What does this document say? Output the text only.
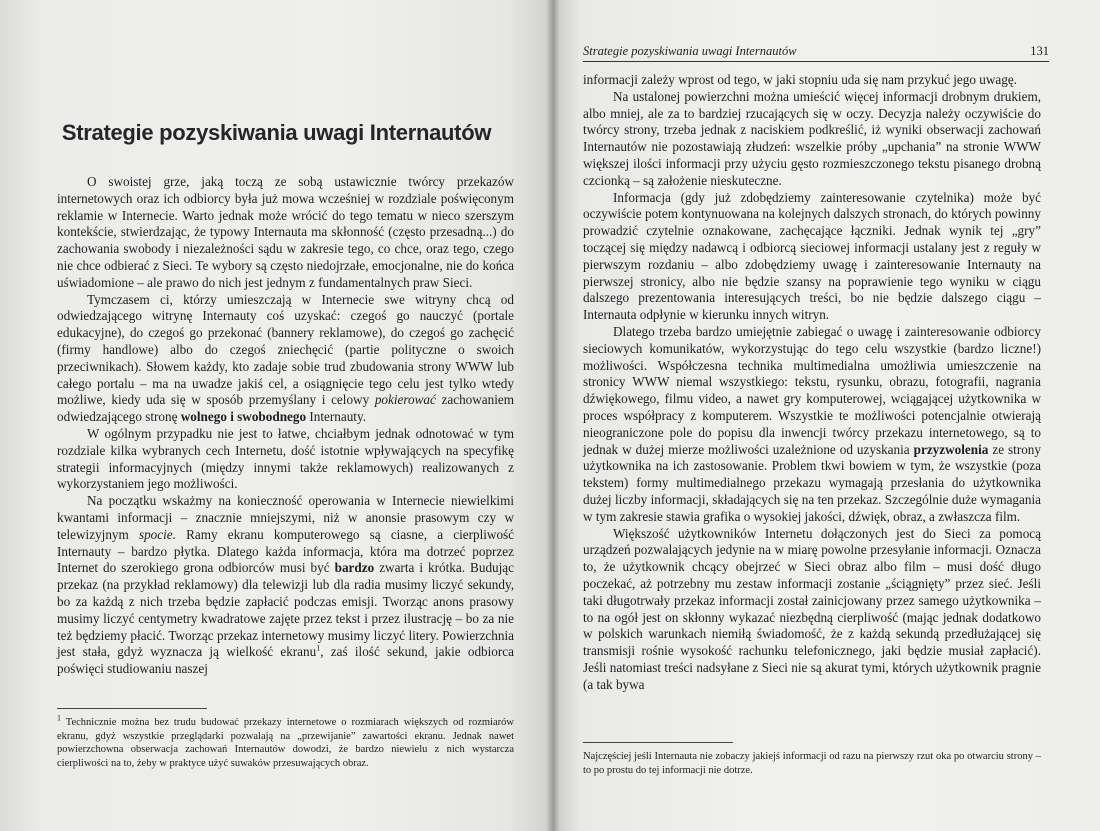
Strategie pozyskiwania uwagi Internautów

O swoistej grze, jaką toczą ze sobą ustawicznie twórcy przekazów internetowych oraz ich odbiorcy była już mowa wcześniej w rozdziale poświęconym reklamie w Internecie. Warto jednak może wrócić do tego tematu w nieco szerszym kontekście, stwierdzając, że typowy Internauta ma skłonność (często przesadną...) do zachowania swobody i niezależności sądu w zakresie tego, co chce, oraz tego, czego nie chce odbierać z Sieci. Te wybory są często niedojrzałe, emocjonalne, nie do końca uświadomione – ale prawo do nich jest jednym z fundamentalnych praw Sieci.

Tymczasem ci, którzy umieszczają w Internecie swe witryny chcą od odwiedzającego witrynę Internauty coś uzyskać: czegoś go nauczyć (portale edukacyjne), do czegoś go przekonać (bannery reklamowe), do czegoś go zachęcić (firmy handlowe) albo do czegoś zniechęcić (partie polityczne o swoich przeciwnikach). Słowem każdy, kto zadaje sobie trud zbudowania strony WWW lub całego portalu – ma na uwadze jakiś cel, a osiągnięcie tego celu jest tylko wtedy możliwe, kiedy uda się w sposób przemyślany i celowy pokierować zachowaniem odwiedzającego stronę wolnego i swobodnego Internauty.

W ogólnym przypadku nie jest to łatwe, chciałbym jednak odnotować w tym rozdziale kilka wybranych cech Internetu, dość istotnie wpływających na specyfikę strategii informacyjnych (między innymi także reklamowych) realizowanych z wykorzystaniem jego możliwości.

Na początku wskażmy na konieczność operowania w Internecie niewielkimi kwantami informacji – znacznie mniejszymi, niż w anonsie prasowym czy w telewizyjnym spocie. Ramy ekranu komputerowego są ciasne, a cierpliwość Internauty – bardzo płytka. Dlatego każda informacja, która ma dotrzeć poprzez Internet do szerokiego grona odbiorców musi być bardzo zwarta i krótka. Budując przekaz (na przykład reklamowy) dla telewizji lub dla radia musimy liczyć sekundy, bo za każdą z nich trzeba będzie zapłacić podczas emisji. Tworząc anons prasowy musimy liczyć centymetry kwadratowe zajęte przez tekst i przez ilustrację – bo za nie też będziemy płacić. Tworząc przekaz internetowy musimy liczyć litery. Powierzchnia jest stała, gdyż wyznacza ją wielkość ekranu$^1$, zaś ilość sekund, jakie odbiorca poświęci studiowaniu naszej

$^1$ Technicznie można bez trudu budować przekazy internetowe o rozmiarach większych od rozmiarów ekranu, gdyż wszystkie przeglądarki pozwalają na „przewijanie” zawartości ekranu. Jednak nawet powierzchowna obserwacja zachowań Internautów dowodzi, że bardzo niewielu z nich wystarcza cierpliwości na to, żeby w praktyce użyć suwaków przesuwających obraz.

Strategie pozyskiwania uwagi Internautów	131

informacji zależy wprost od tego, w jaki stopniu uda się nam przykuć jego uwagę.

Na ustalonej powierzchni można umieścić więcej informacji drobnym drukiem, albo mniej, ale za to bardziej rzucających się w oczy. Decyzja należy oczywiście do twórcy strony, trzeba jednak z naciskiem podkreślić, iż wyniki obserwacji zachowań Internautów nie pozostawiają złudzeń: wszelkie próby „upchania” na stronie WWW większej ilości informacji przy użyciu gęsto rozmieszczonego tekstu pisanego drobną czcionką – są założenie nieskuteczne.

Informacja (gdy już zdobędziemy zainteresowanie czytelnika) może być oczywiście potem kontynuowana na kolejnych dalszych stronach, do których powinny prowadzić czytelnie oznakowane, zachęcające łączniki. Jednak wynik tej „gry” toczącej się między nadawcą i odbiorcą sieciowej informacji ustalany jest z reguły w pierwszym rozdaniu – albo zdobędziemy uwagę i zainteresowanie Internauty na pierwszej stronicy, albo nie będzie szansy na poprawienie tego wyniku w ciągu dalszego prezentowania interesujących treści, bo nie będzie dalszego ciągu – Internauta odpłynie w kierunku innych witryn.

Dlatego trzeba bardzo umiejętnie zabiegać o uwagę i zainteresowanie odbiorcy sieciowych komunikatów, wykorzystując do tego celu wszystkie (bardzo liczne!) możliwości. Współczesna technika multimedialna umożliwia umieszczenie na stronicy WWW niemal wszystkiego: tekstu, rysunku, obrazu, fotografii, nagrania dźwiękowego, filmu video, a nawet gry komputerowej, wciągającej użytkownika w proces współpracy z komputerem. Wszystkie te możliwości potencjalnie otwierają nieograniczone pole do popisu dla inwencji twórcy przekazu internetowego, są to jednak w dużej mierze możliwości uzależnione od uzyskania przyzwolenia ze strony użytkownika na ich zastosowanie. Problem tkwi bowiem w tym, że wszystkie (poza tekstem) formy multimedialnego przekazu wymagają przesłania do użytkownika dużej liczby informacji, składających się na ten przekaz. Szczególnie duże wymagania w tym zakresie stawia grafika o wysokiej jakości, dźwięk, obraz, a zwłaszcza film.

Większość użytkowników Internetu dołączonych jest do Sieci za pomocą urządzeń pozwalających jedynie na w miarę powolne przesyłanie informacji. Oznacza to, że użytkownik chcący obejrzeć w Sieci obraz albo film – musi dość długo poczekać, aż potrzebny mu zestaw informacji zostanie „ściągnięty” przez sieć. Jeśli taki długotrwały przekaz informacji został zainicjowany przez samego użytkownika – to na ogół jest on skłonny wykazać niezbędną cierpliwość (mając jednak dodatkowo w polskich warunkach niemiłą świadomość, że z każdą sekundą przedłużającej się transmisji rośnie wysokość rachunku telefonicznego, jaki będzie musiał zapłacić). Jeśli natomiast treści nadsyłane z Sieci nie są akurat tymi, których użytkownik pragnie (a tak bywa

Najczęściej jeśli Internauta nie zobaczy jakiejś informacji od razu na pierwszy rzut oka po otwarciu strony – to po prostu do tej informacji nie dotrze.
